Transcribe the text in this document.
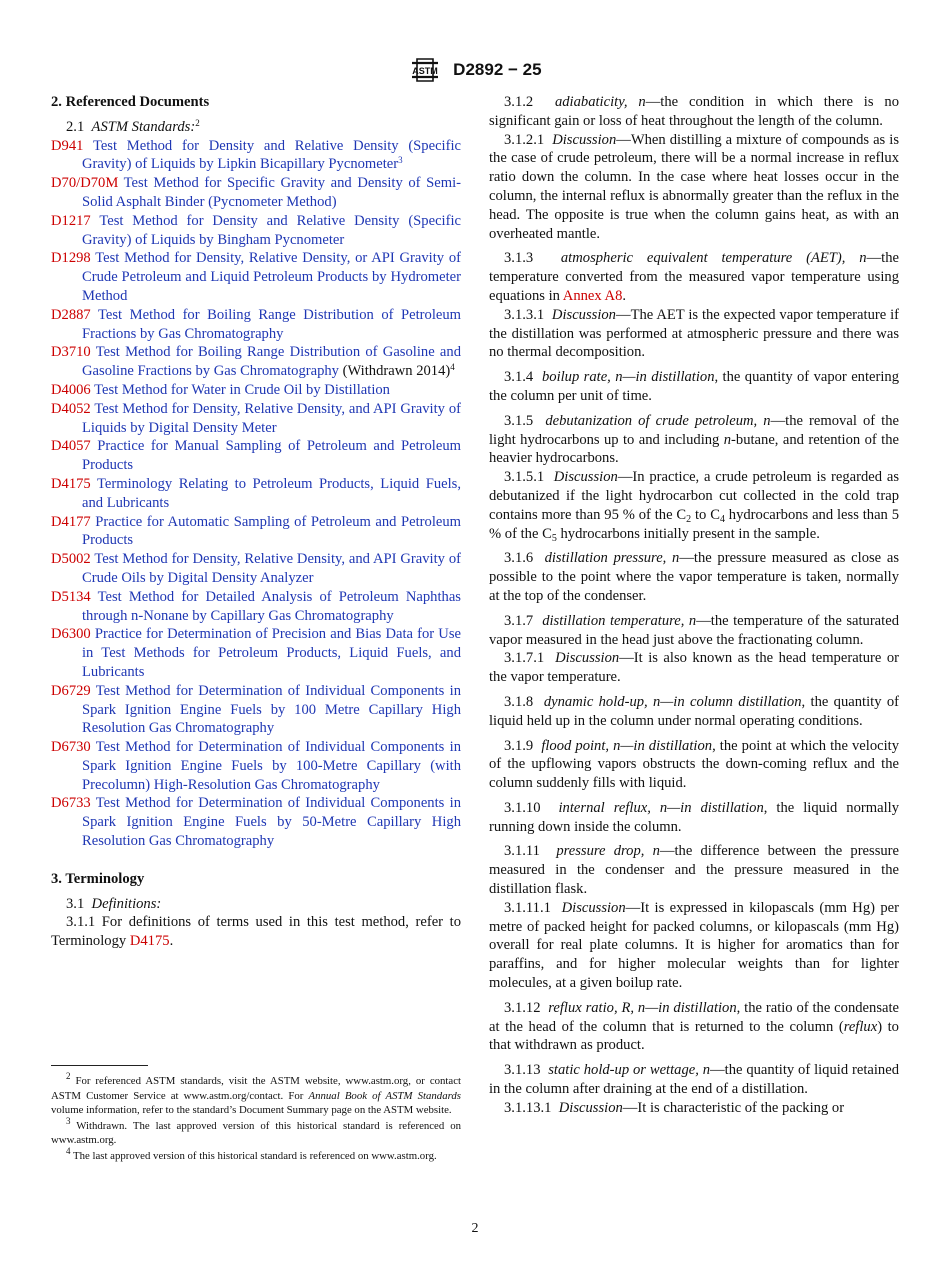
ASTM D2892 − 25

2. Referenced Documents

2.1 ASTM Standards:$^2$

D941 Test Method for Density and Relative Density (Specific Gravity) of Liquids by Lipkin Bicapillary Pycnometer$^3$

D70/D70M Test Method for Specific Gravity and Density of Semi-Solid Asphalt Binder (Pycnometer Method)

D1217 Test Method for Density and Relative Density (Specific Gravity) of Liquids by Bingham Pycnometer

D1298 Test Method for Density, Relative Density, or API Gravity of Crude Petroleum and Liquid Petroleum Products by Hydrometer Method

D2887 Test Method for Boiling Range Distribution of Petroleum Fractions by Gas Chromatography

D3710 Test Method for Boiling Range Distribution of Gasoline and Gasoline Fractions by Gas Chromatography (Withdrawn 2014)$^4$

D4006 Test Method for Water in Crude Oil by Distillation

D4052 Test Method for Density, Relative Density, and API Gravity of Liquids by Digital Density Meter

D4057 Practice for Manual Sampling of Petroleum and Petroleum Products

D4175 Terminology Relating to Petroleum Products, Liquid Fuels, and Lubricants

D4177 Practice for Automatic Sampling of Petroleum and Petroleum Products

D5002 Test Method for Density, Relative Density, and API Gravity of Crude Oils by Digital Density Analyzer

D5134 Test Method for Detailed Analysis of Petroleum Naphthas through n-Nonane by Capillary Gas Chromatography

D6300 Practice for Determination of Precision and Bias Data for Use in Test Methods for Petroleum Products, Liquid Fuels, and Lubricants

D6729 Test Method for Determination of Individual Components in Spark Ignition Engine Fuels by 100 Metre Capillary High Resolution Gas Chromatography

D6730 Test Method for Determination of Individual Components in Spark Ignition Engine Fuels by 100-Metre Capillary (with Precolumn) High-Resolution Gas Chromatography

D6733 Test Method for Determination of Individual Components in Spark Ignition Engine Fuels by 50-Metre Capillary High Resolution Gas Chromatography

3. Terminology

3.1 Definitions:

3.1.1 For definitions of terms used in this test method, refer to Terminology D4175.

3.1.2 adiabaticity, n—the condition in which there is no significant gain or loss of heat throughout the length of the column.

3.1.2.1 Discussion—When distilling a mixture of compounds as is the case of crude petroleum, there will be a normal increase in reflux ratio down the column. In the case where heat losses occur in the column, the internal reflux is abnormally greater than the reflux in the head. The opposite is true when the column gains heat, as with an overheated mantle.

3.1.3 atmospheric equivalent temperature (AET), n—the temperature converted from the measured vapor temperature using equations in Annex A8.

3.1.3.1 Discussion—The AET is the expected vapor temperature if the distillation was performed at atmospheric pressure and there was no thermal decomposition.

3.1.4 boilup rate, n—in distillation, the quantity of vapor entering the column per unit of time.

3.1.5 debutanization of crude petroleum, n—the removal of the light hydrocarbons up to and including n-butane, and retention of the heavier hydrocarbons.

3.1.5.1 Discussion—In practice, a crude petroleum is regarded as debutanized if the light hydrocarbon cut collected in the cold trap contains more than 95 % of the $C_2$ to $C_4$ hydrocarbons and less than 5 % of the $C_5$ hydrocarbons initially present in the sample.

3.1.6 distillation pressure, n—the pressure measured as close as possible to the point where the vapor temperature is taken, normally at the top of the condenser.

3.1.7 distillation temperature, n—the temperature of the saturated vapor measured in the head just above the fractionating column.

3.1.7.1 Discussion—It is also known as the head temperature or the vapor temperature.

3.1.8 dynamic hold-up, n—in column distillation, the quantity of liquid held up in the column under normal operating conditions.

3.1.9 flood point, n—in distillation, the point at which the velocity of the upflowing vapors obstructs the down-coming reflux and the column suddenly fills with liquid.

3.1.10 internal reflux, n—in distillation, the liquid normally running down inside the column.

3.1.11 pressure drop, n—the difference between the pressure measured in the condenser and the pressure measured in the distillation flask.

3.1.11.1 Discussion—It is expressed in kilopascals (mm Hg) per metre of packed height for packed columns, or kilopascals (mm Hg) overall for real plate columns. It is higher for aromatics than for paraffins, and for higher molecular weights than for lighter molecules, at a given boilup rate.

3.1.12 reflux ratio, R, n—in distillation, the ratio of the condensate at the head of the column that is returned to the column (reflux) to that withdrawn as product.

3.1.13 static hold-up or wettage, n—the quantity of liquid retained in the column after draining at the end of a distillation.

3.1.13.1 Discussion—It is characteristic of the packing or

$^2$ For referenced ASTM standards, visit the ASTM website, www.astm.org, or contact ASTM Customer Service at www.astm.org/contact. For Annual Book of ASTM Standards volume information, refer to the standard’s Document Summary page on the ASTM website.

$^3$ Withdrawn. The last approved version of this historical standard is referenced on www.astm.org.

$^4$ The last approved version of this historical standard is referenced on www.astm.org.

2
